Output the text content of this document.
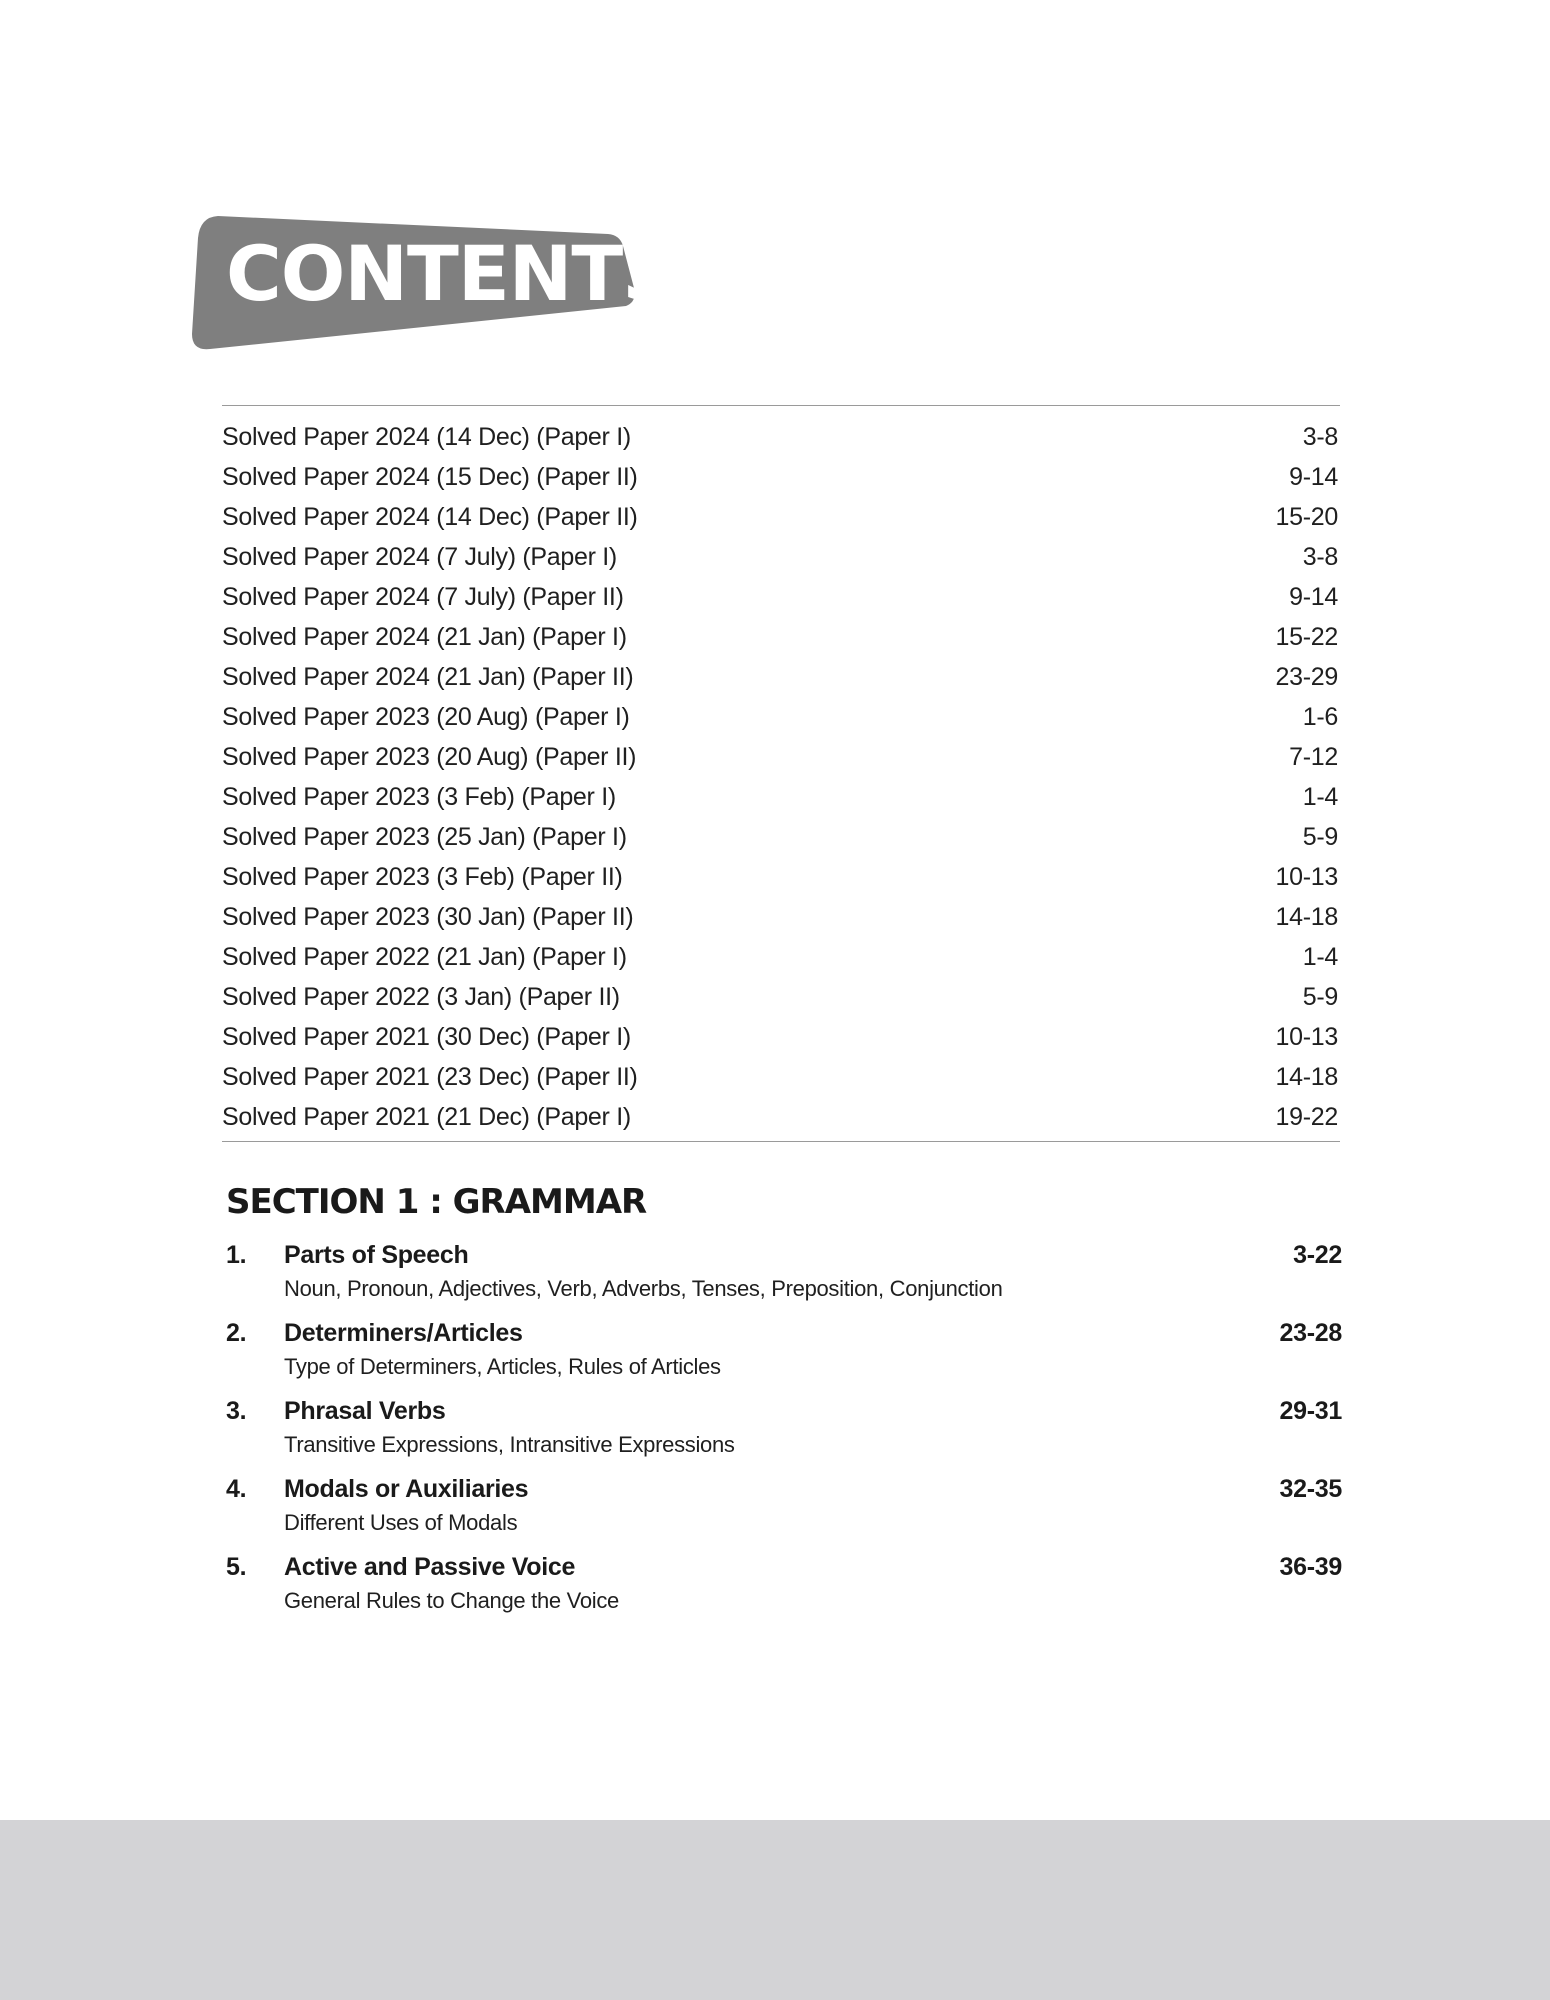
CONTENTS
Solved Paper 2024 (14 Dec) (Paper I)	3-8
Solved Paper 2024 (15 Dec) (Paper II)	9-14
Solved Paper 2024 (14 Dec) (Paper II)	15-20
Solved Paper 2024 (7 July) (Paper I)	3-8
Solved Paper 2024 (7 July) (Paper II)	9-14
Solved Paper 2024 (21 Jan) (Paper I)	15-22
Solved Paper 2024 (21 Jan) (Paper II)	23-29
Solved Paper 2023 (20 Aug) (Paper I)	1-6
Solved Paper 2023 (20 Aug) (Paper II)	7-12
Solved Paper 2023 (3 Feb) (Paper I)	1-4
Solved Paper 2023 (25 Jan) (Paper I)	5-9
Solved Paper 2023 (3 Feb) (Paper II)	10-13
Solved Paper 2023 (30 Jan) (Paper II)	14-18
Solved Paper 2022 (21 Jan) (Paper I)	1-4
Solved Paper 2022 (3 Jan) (Paper II)	5-9
Solved Paper 2021 (30 Dec) (Paper I)	10-13
Solved Paper 2021 (23 Dec) (Paper II)	14-18
Solved Paper 2021 (21 Dec) (Paper I)	19-22
SECTION 1 : GRAMMAR
1.	Parts of Speech	3-22
Noun, Pronoun, Adjectives, Verb, Adverbs, Tenses, Preposition, Conjunction
2.	Determiners/Articles	23-28
Type of Determiners, Articles, Rules of Articles
3.	Phrasal Verbs	29-31
Transitive Expressions, Intransitive Expressions
4.	Modals or Auxiliaries	32-35
Different Uses of Modals
5.	Active and Passive Voice	36-39
General Rules to Change the Voice
